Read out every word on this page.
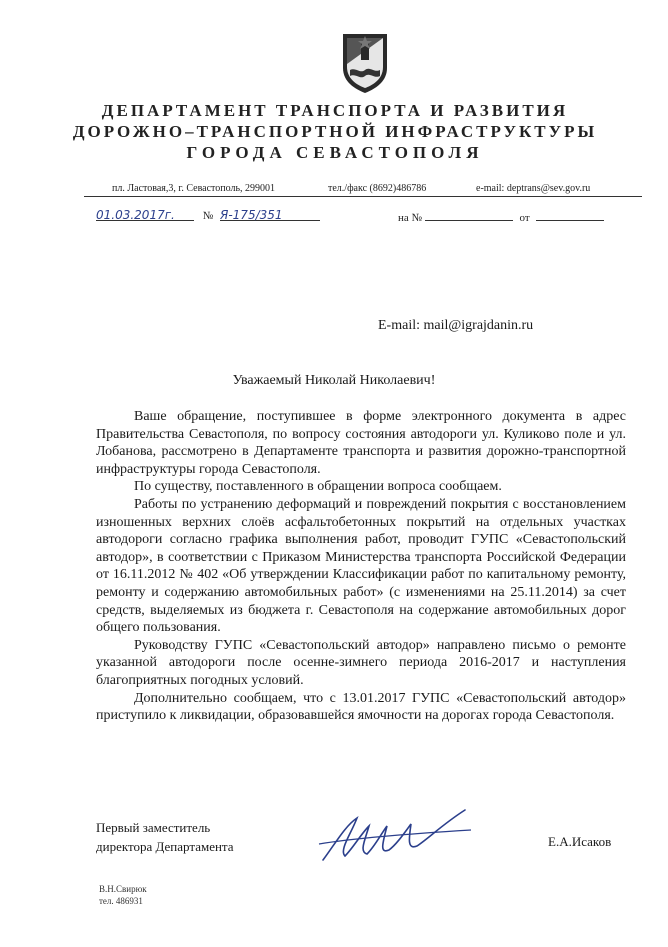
ДЕПАРТАМЕНТ ТРАНСПОРТА И РАЗВИТИЯ
ДОРОЖНО–ТРАНСПОРТНОЙ ИНФРАСТРУКТУРЫ
ГОРОДА СЕВАСТОПОЛЯ
пл. Ластовая,3, г. Севастополь, 299001	тел./факс (8692)486786	e-mail: deptrans@sev.gov.ru
01.03.2017г.	№ Я-175/351	на №	от
E-mail: mail@igrajdanin.ru
Уважаемый Николай Николаевич!

Ваше обращение, поступившее в форме электронного документа в адрес Правительства Севастополя, по вопросу состояния автодороги ул. Куликово поле и ул. Лобанова, рассмотрено в Департаменте транспорта и развития дорожно-транспортной инфраструктуры города Севастополя.

По существу, поставленного в обращении вопроса сообщаем.

Работы по устранению деформаций и повреждений покрытия с восстановлением изношенных верхних слоёв асфальтобетонных покрытий на отдельных участках автодороги согласно графика выполнения работ, проводит ГУПС «Севастопольский автодор», в соответствии с Приказом Министерства транспорта Российской Федерации от 16.11.2012 № 402 «Об утверждении Классификации работ по капитальному ремонту, ремонту и содержанию автомобильных работ» (с изменениями на 25.11.2014) за счет средств, выделяемых из бюджета г. Севастополя на содержание автомобильных дорог общего пользования.

Руководству ГУПС «Севастопольский автодор» направлено письмо о ремонте указанной автодороги после осенне-зимнего периода 2016-2017 и наступления благоприятных погодных условий.

Дополнительно сообщаем, что с 13.01.2017 ГУПС «Севастопольский автодор» приступило к ликвидации, образовавшейся ямочности на дорогах города Севастополя.

Первый заместитель
директора Департамента	Е.А.Исаков
В.Н.Свирюк
тел. 486931
